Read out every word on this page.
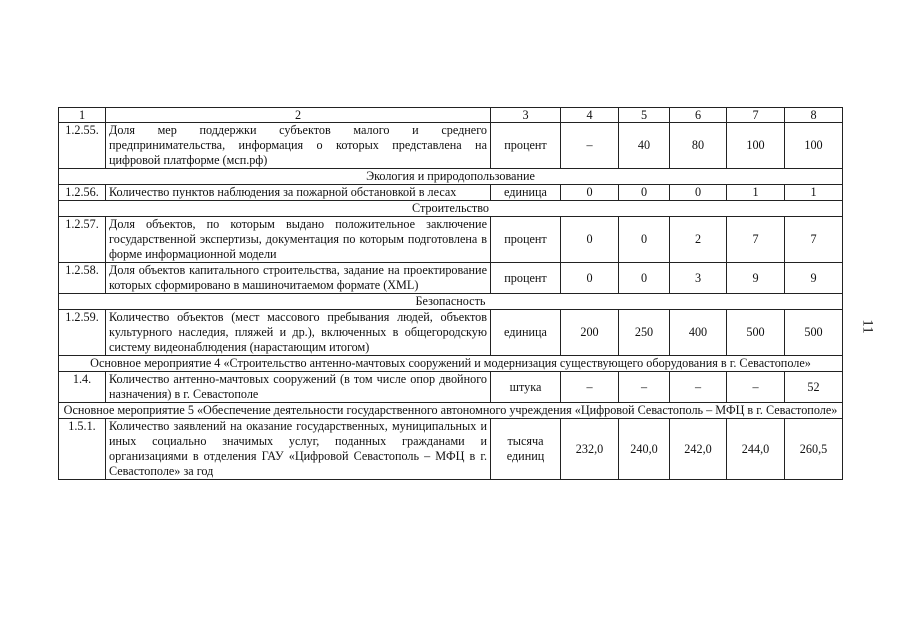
1	2	3	4	5	6	7	8
1.2.55.	Доля мер поддержки субъектов малого и среднего предпринимательства, информация о которых представлена на цифровой платформе (мсп.рф)	процент	–	40	80	100	100
Экология и природопользование							
1.2.56.	Количество пунктов наблюдения за пожарной обстановкой в лесах	единица	0	0	0	1	1
Строительство							
1.2.57.	Доля объектов, по которым выдано положительное заключение государственной экспертизы, документация по которым подготовлена в форме информационной модели	процент	0	0	2	7	7
1.2.58.	Доля объектов капитального строительства, задание на проектирование которых сформировано в машиночитаемом формате (XML)	процент	0	0	3	9	9
Безопасность							
1.2.59.	Количество объектов (мест массового пребывания людей, объектов культурного наследия, пляжей и др.), включенных в общегородскую систему видеонаблюдения (нарастающим итогом)	единица	200	250	400	500	500
Основное мероприятие 4 «Строительство антенно-мачтовых сооружений и модернизация существующего оборудования в г. Севастополе»							
1.4.	Количество антенно-мачтовых сооружений (в том числе опор двойного назначения) в г. Севастополе	штука	–	–	–	–	52
Основное мероприятие 5 «Обеспечение деятельности государственного автономного учреждения «Цифровой Севастополь – МФЦ в г. Севастополе»							
1.5.1.	Количество заявлений на оказание государственных, муниципальных и иных социально значимых услуг, поданных гражданами и организациями в отделения ГАУ «Цифровой Севастополь – МФЦ в г. Севастополе» за год	тысяча единиц	232,0	240,0	242,0	244,0	260,5
11
